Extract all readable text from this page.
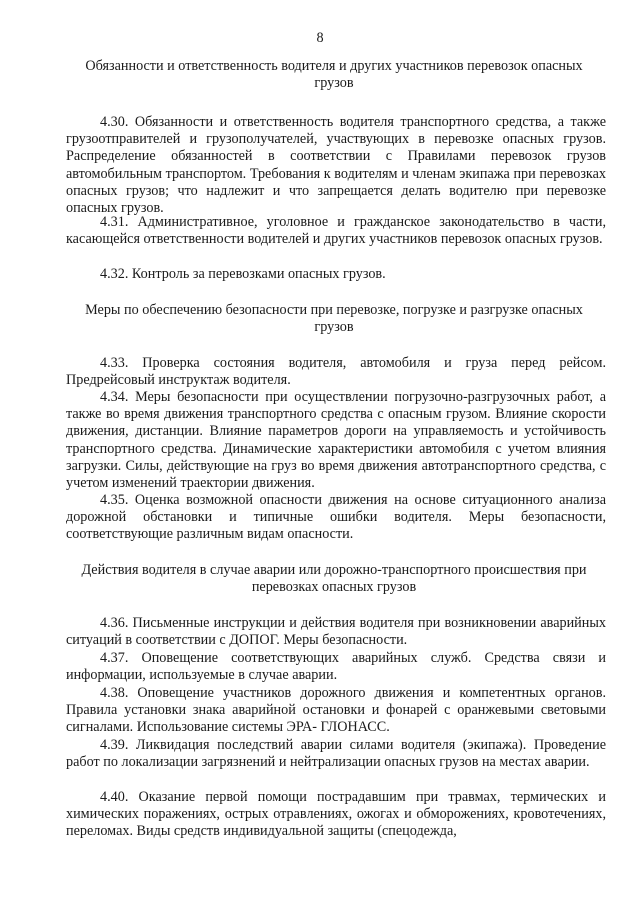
8
Обязанности и ответственность водителя и других участников перевозок опасных грузов

4.30. Обязанности и ответственность водителя транспортного средства, а также грузоотправителей и грузополучателей, участвующих в перевозке опасных грузов. Распределение обязанностей в соответствии с Правилами перевозок грузов автомобильным транспортом. Требования к водителям и членам экипажа при перевозках опасных грузов; что надлежит и что запрещается делать водителю при перевозке опасных грузов.

4.31. Административное, уголовное и гражданское законодательство в части, касающейся ответственности водителей и других участников перевозок опасных грузов.

4.32. Контроль за перевозками опасных грузов.

Меры по обеспечению безопасности при перевозке, погрузке и разгрузке опасных грузов

4.33. Проверка состояния водителя, автомобиля и груза перед рейсом. Предрейсовый инструктаж водителя.

4.34. Меры безопасности при осуществлении погрузочно-разгрузочных работ, а также во время движения транспортного средства с опасным грузом. Влияние скорости движения, дистанции. Влияние параметров дороги на управляемость и устойчивость транспортного средства. Динамические характеристики автомобиля с учетом влияния загрузки. Силы, действующие на груз во время движения автотранспортного средства, с учетом изменений траектории движения.

4.35. Оценка возможной опасности движения на основе ситуационного анализа дорожной обстановки и типичные ошибки водителя. Меры безопасности, соответствующие различным видам опасности.

Действия водителя в случае аварии или дорожно-транспортного происшествия при перевозках опасных грузов

4.36. Письменные инструкции и действия водителя при возникновении аварийных ситуаций в соответствии с ДОПОГ. Меры безопасности.

4.37. Оповещение соответствующих аварийных служб. Средства связи и информации, используемые в случае аварии.

4.38. Оповещение участников дорожного движения и компетентных органов. Правила установки знака аварийной остановки и фонарей с оранжевыми световыми сигналами. Использование системы ЭРА- ГЛОНАСС.

4.39. Ликвидация последствий аварии силами водителя (экипажа). Проведение работ по локализации загрязнений и нейтрализации опасных грузов на местах аварии.

4.40. Оказание первой помощи пострадавшим при травмах, термических и химических поражениях, острых отравлениях, ожогах и обморожениях, кровотечениях, переломах. Виды средств индивидуальной защиты (спецодежда,
